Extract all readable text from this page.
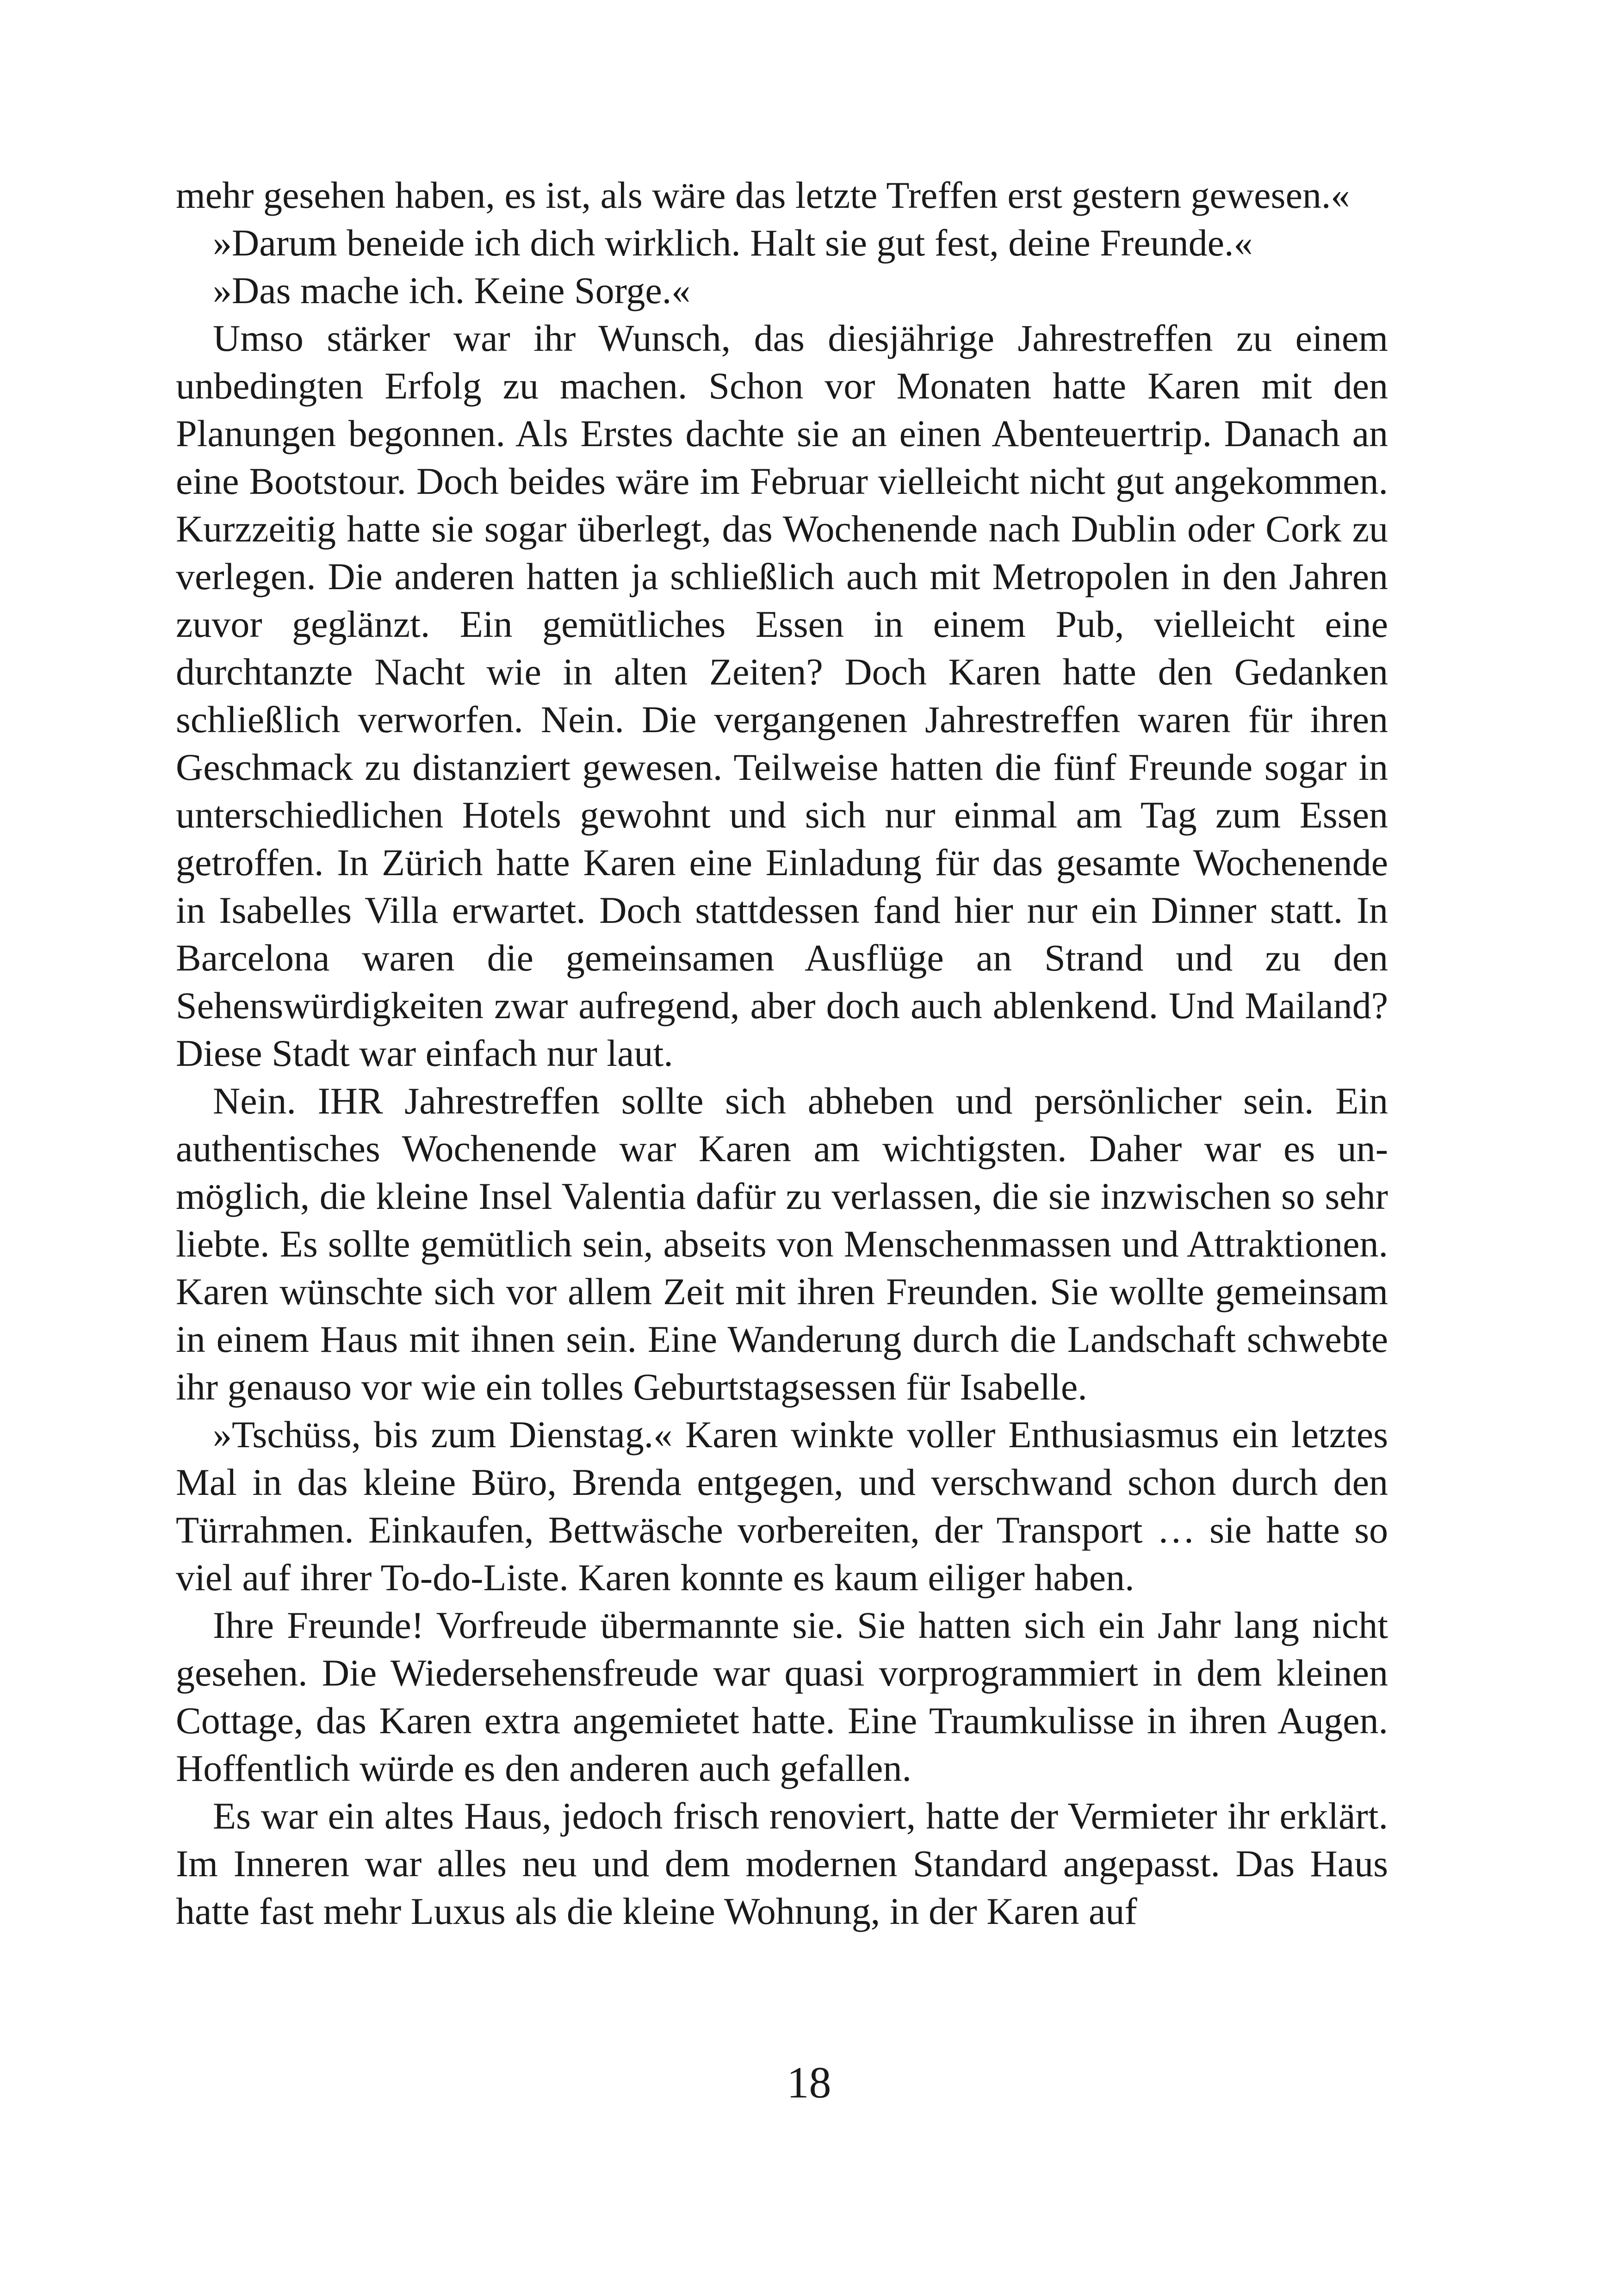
mehr gesehen haben, es ist, als wäre das letzte Treffen erst gestern gewesen.«

»Darum beneide ich dich wirklich. Halt sie gut fest, deine Freunde.«

»Das mache ich. Keine Sorge.«

Umso stärker war ihr Wunsch, das diesjährige Jahrestreffen zu einem unbedingten Erfolg zu machen. Schon vor Monaten hatte Karen mit den Planungen begonnen. Als Erstes dachte sie an einen Abenteuertrip. Danach an eine Bootstour. Doch beides wäre im Februar vielleicht nicht gut angekommen. Kurzzeitig hatte sie sogar überlegt, das Wochenende nach Dublin oder Cork zu verlegen. Die anderen hatten ja schließlich auch mit Metropolen in den Jahren zuvor geglänzt. Ein gemütliches Essen in einem Pub, vielleicht eine durchtanzte Nacht wie in alten Zeiten? Doch Karen hatte den Gedanken schließlich verworfen. Nein. Die vergangenen Jahrestreffen waren für ihren Geschmack zu distanziert gewesen. Teilweise hatten die fünf Freunde sogar in unterschiedlichen Hotels gewohnt und sich nur einmal am Tag zum Essen getroffen. In Zürich hatte Karen eine Einladung für das gesamte Wochenende in Isabelles Villa erwartet. Doch stattdessen fand hier nur ein Dinner statt. In Barcelona waren die gemeinsamen Ausflüge an Strand und zu den Sehenswürdigkeiten zwar aufregend, aber doch auch ablenkend. Und Mailand? Diese Stadt war einfach nur laut.

Nein. IHR Jahrestreffen sollte sich abheben und persönlicher sein. Ein authentisches Wochenende war Karen am wichtigsten. Daher war es unmöglich, die kleine Insel Valentia dafür zu verlassen, die sie inzwischen so sehr liebte. Es sollte gemütlich sein, abseits von Menschenmassen und Attraktionen. Karen wünschte sich vor allem Zeit mit ihren Freunden. Sie wollte gemeinsam in einem Haus mit ihnen sein. Eine Wanderung durch die Landschaft schwebte ihr genauso vor wie ein tolles Geburtstagsessen für Isabelle.

»Tschüss, bis zum Dienstag.« Karen winkte voller Enthusiasmus ein letztes Mal in das kleine Büro, Brenda entgegen, und verschwand schon durch den Türrahmen. Einkaufen, Bettwäsche vorbereiten, der Transport … sie hatte so viel auf ihrer To-do-Liste. Karen konnte es kaum eiliger haben.

Ihre Freunde! Vorfreude übermannte sie. Sie hatten sich ein Jahr lang nicht gesehen. Die Wiedersehensfreude war quasi vorprogrammiert in dem kleinen Cottage, das Karen extra angemietet hatte. Eine Traumkulisse in ihren Augen. Hoffentlich würde es den anderen auch gefallen.

Es war ein altes Haus, jedoch frisch renoviert, hatte der Vermieter ihr erklärt. Im Inneren war alles neu und dem modernen Standard angepasst. Das Haus hatte fast mehr Luxus als die kleine Wohnung, in der Karen auf

18
